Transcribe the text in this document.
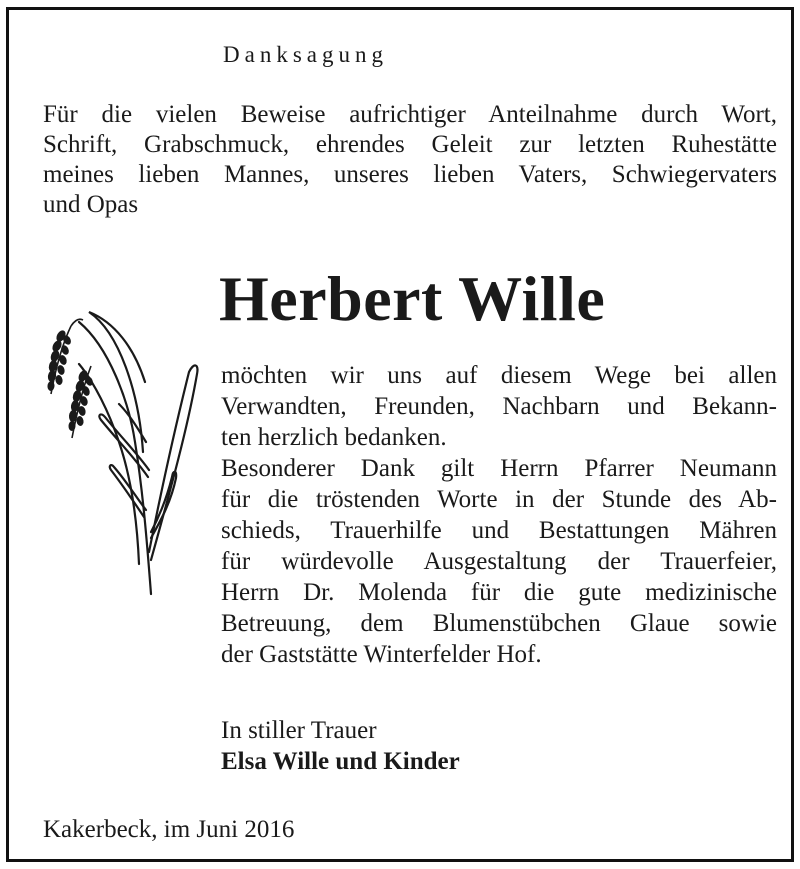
Danksagung
Für die vielen Beweise aufrichtiger Anteilnahme durch Wort,
Schrift, Grabschmuck, ehrendes Geleit zur letzten Ruhestätte
meines lieben Mannes, unseres lieben Vaters, Schwiegervaters
und Opas
Herbert Wille
möchten wir uns auf diesem Wege bei allen
Verwandten, Freunden, Nachbarn und Bekann-
ten herzlich bedanken.
Besonderer Dank gilt Herrn Pfarrer Neumann
für die tröstenden Worte in der Stunde des Ab-
schieds, Trauerhilfe und Bestattungen Mähren
für würdevolle Ausgestaltung der Trauerfeier,
Herrn Dr. Molenda für die gute medizinische
Betreuung, dem Blumenstübchen Glaue sowie
der Gaststätte Winterfelder Hof.
In stiller Trauer
Elsa Wille und Kinder
Kakerbeck, im Juni 2016
